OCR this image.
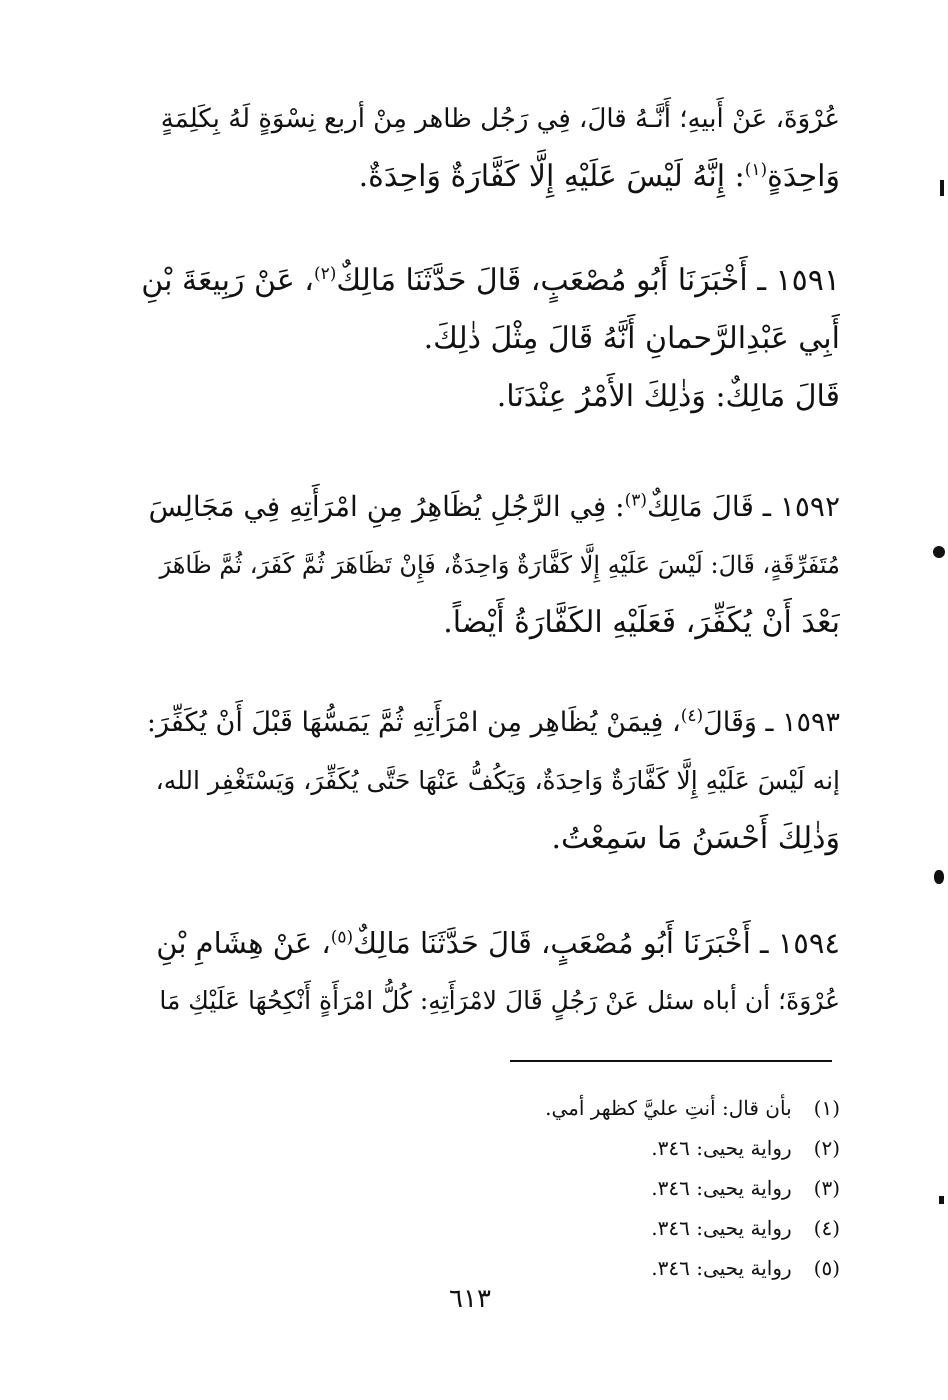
عُرْوَةَ، عَنْ أَبيهِ؛ أَنَّـهُ قالَ، فِي رَجُل ظاهر مِنْ أربع نِسْوَةٍ لَهُ بِكَلِمَةٍ
وَاحِدَةٍ$^{(١)}$: إِنَّهُ لَيْسَ عَلَيْهِ إِلَّا كَفَّارَةٌ وَاحِدَةٌ.
١٥٩١ ـ أَخْبَرَنَا أَبُو مُصْعَبٍ، قَالَ حَدَّثَنَا مَالِكٌ$^{(٢)}$، عَنْ رَبِيعَةَ بْنِ
أَبِي عَبْدِالرَّحمانِ أَنَّهُ قَالَ مِثْلَ ذٰلِكَ.
قَالَ مَالِكٌ: وَذٰلِكَ الأَمْرُ عِنْدَنَا.
١٥٩٢ ـ قَالَ مَالِكٌ$^{(٣)}$: فِي الرَّجُلِ يُظَاهِرُ مِنِ امْرَأَتِهِ فِي مَجَالِسَ
مُتَفَرِّقَةٍ، قَالَ: لَيْسَ عَلَيْهِ إِلَّا كَفَّارَةٌ وَاحِدَةٌ، فَإِنْ تَظَاهَرَ ثُمَّ كَفَرَ، ثُمَّ ظَاهَرَ
بَعْدَ أَنْ يُكَفِّرَ، فَعَلَيْهِ الكَفَّارَةُ أَيْضاً.
١٥٩٣ ـ وَقَالَ$^{(٤)}$، فِيمَنْ يُظَاهِر مِن امْرَأَتِهِ ثُمَّ يَمَسُّهَا قَبْلَ أَنْ يُكَفِّرَ:
إنه لَيْسَ عَلَيْهِ إِلَّا كَفَّارَةٌ وَاحِدَةٌ، وَيَكُفُّ عَنْهَا حَتَّى يُكَفِّرَ، وَيَسْتَغْفِر الله،
وَذٰلِكَ أَحْسَنُ مَا سَمِعْتُ.
١٥٩٤ ـ أَخْبَرَنَا أَبُو مُصْعَبٍ، قَالَ حَدَّثَنَا مَالِكٌ$^{(٥)}$، عَنْ هِشَامِ بْنِ
عُرْوَةَ؛ أن أباه سئل عَنْ رَجُلٍ قَالَ لامْرَأَتِهِ: كُلُّ امْرَأَةٍ أَنْكِحُهَا عَلَيْكِ مَا
(١) بأن قال: أنتِ عليَّ كظهر أمي.
(٢) رواية يحيى: ٣٤٦.
(٣) رواية يحيى: ٣٤٦.
(٤) رواية يحيى: ٣٤٦.
(٥) رواية يحيى: ٣٤٦.
٦١٣
